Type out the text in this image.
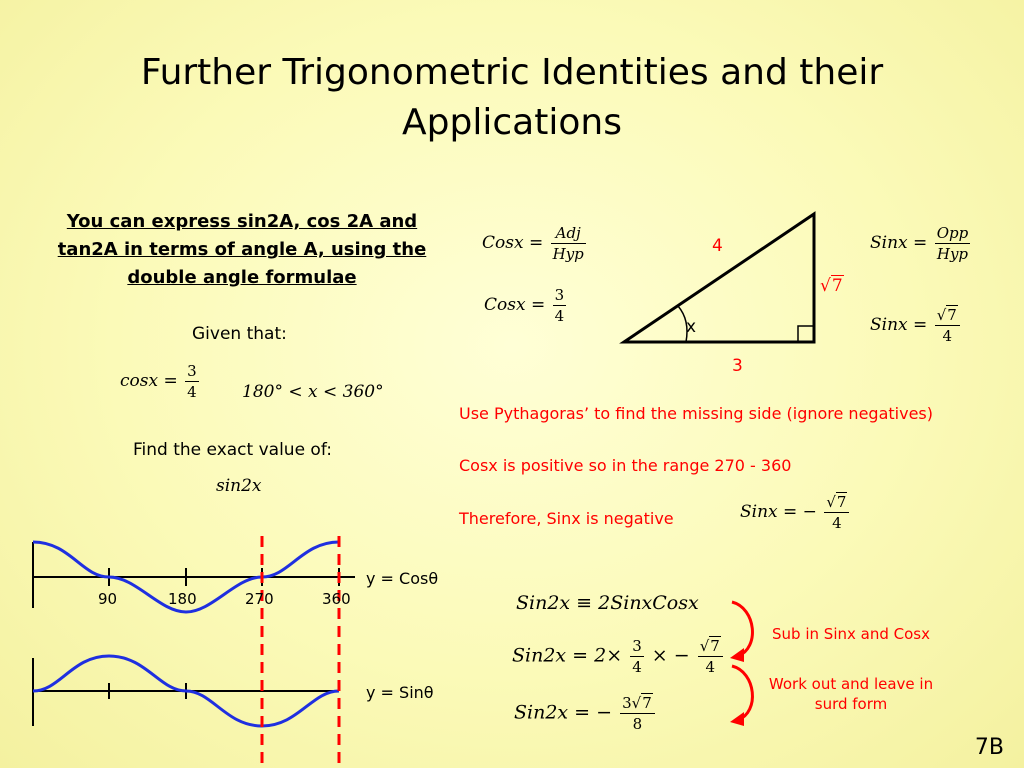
Further Trigonometric Identities and their
Applications
You can express sin2A, cos 2A and tan2A in terms of angle A, using the double angle formulae
Given that:
$\cos x = \frac{3}{4}$	180° < x < 360°
Find the exact value of:
sin2x
90	180	270	360
y = Cosθ
y = Sinθ
Cosx = $\frac{\text{Adj}}{\text{Hyp}}$
Cosx = $\frac{3}{4}$
4
√7
3
x
Sinx = $\frac{\text{Opp}}{\text{Hyp}}$
Sinx = $\frac{√7}{4}$
Use Pythagoras’ to find the missing side (ignore negatives)
Cosx is positive so in the range 270 - 360
Therefore, Sinx is negative	Sinx = − $\frac{√7}{4}$
Sin2x ≡ 2SinxCosx
$Sin2x = 2\times \frac{3}{4}$ × − $\frac{√7}{4}$
Sin2x = − $\frac{3√7}{8}$
Sub in Sinx and Cosx
Work out and leave in
surd form
7B
